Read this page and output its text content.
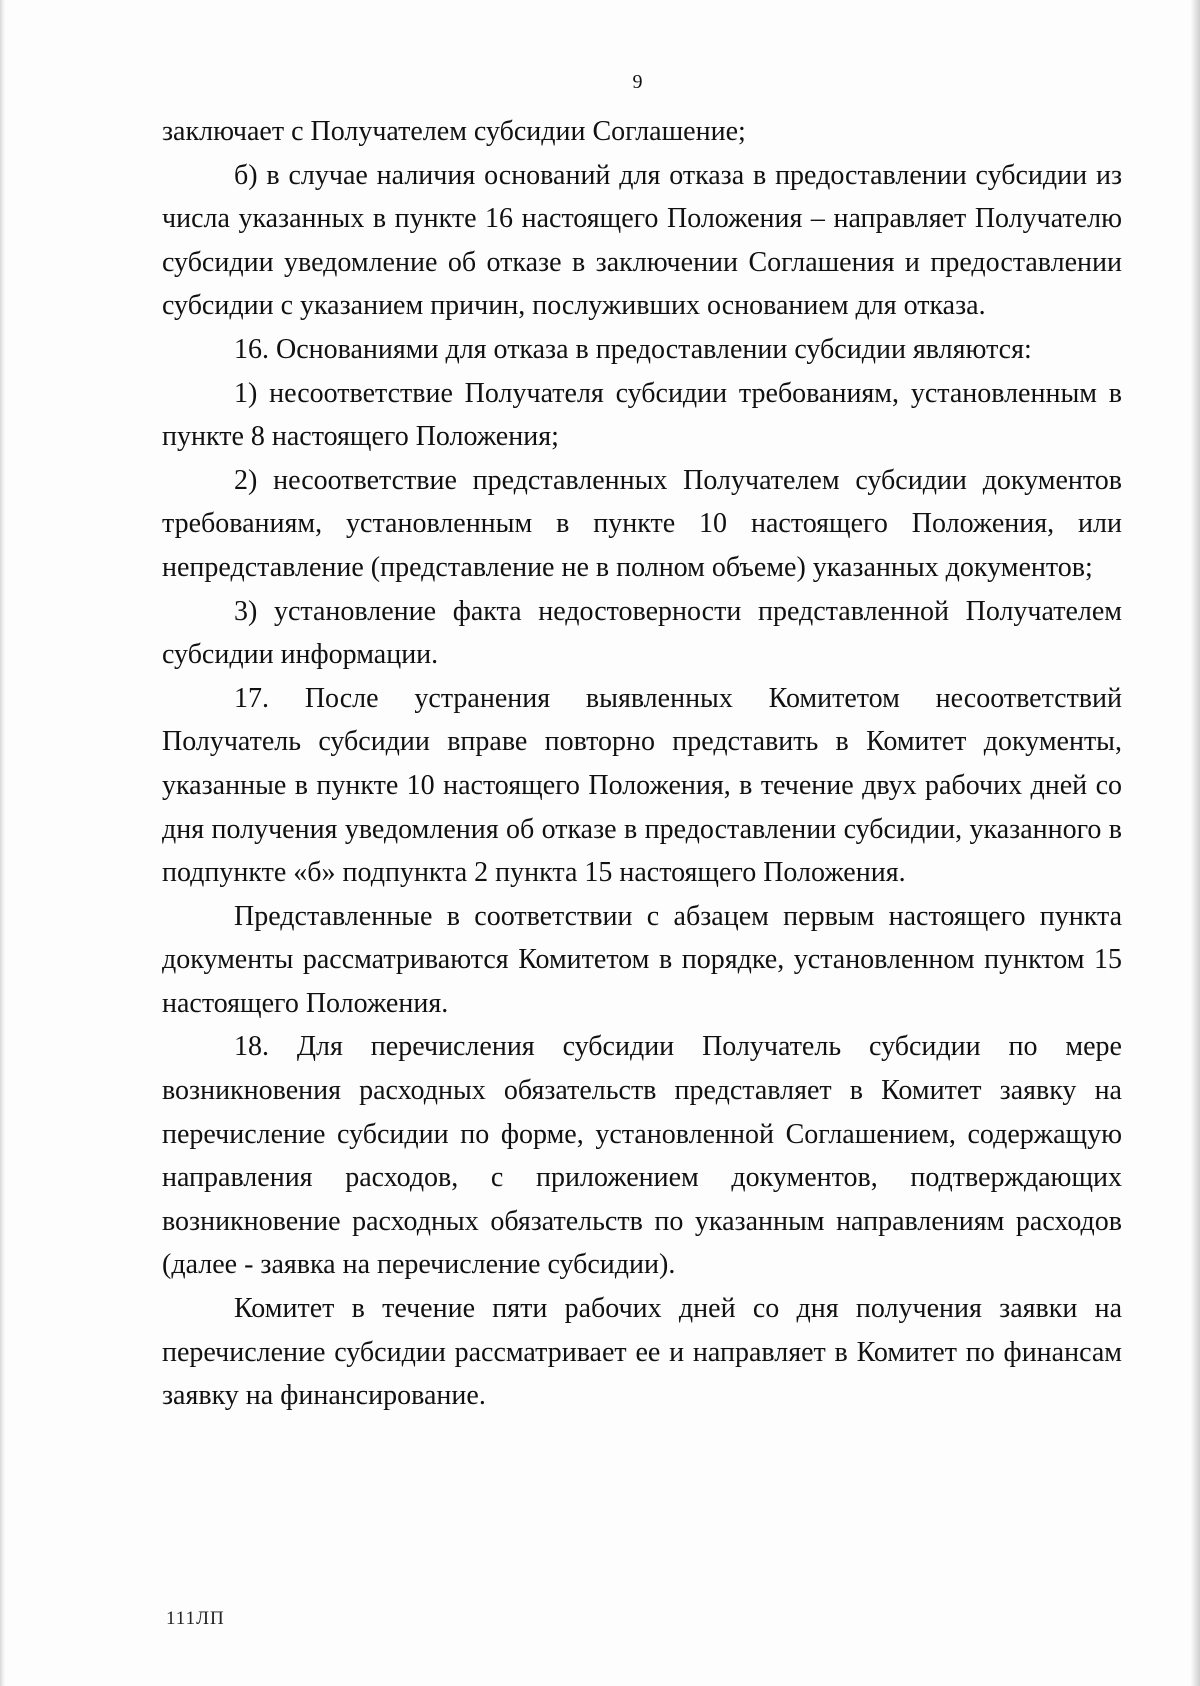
9

заключает с Получателем субсидии Соглашение;

б) в случае наличия оснований для отказа в предоставлении субсидии из числа указанных в пункте 16 настоящего Положения – направляет Получателю субсидии уведомление об отказе в заключении Соглашения и предоставлении субсидии с указанием причин, послуживших основанием для отказа.

16. Основаниями для отказа в предоставлении субсидии являются:

1) несоответствие Получателя субсидии требованиям, установленным в пункте 8 настоящего Положения;

2) несоответствие представленных Получателем субсидии документов требованиям, установленным в пункте 10 настоящего Положения, или непредставление (представление не в полном объеме) указанных документов;

3) установление факта недостоверности представленной Получателем субсидии информации.

17. После устранения выявленных Комитетом несоответствий Получатель субсидии вправе повторно представить в Комитет документы, указанные в пункте 10 настоящего Положения, в течение двух рабочих дней со дня получения уведомления об отказе в предоставлении субсидии, указанного в подпункте «б» подпункта 2 пункта 15 настоящего Положения.

Представленные в соответствии с абзацем первым настоящего пункта документы рассматриваются Комитетом в порядке, установленном пунктом 15 настоящего Положения.

18. Для перечисления субсидии Получатель субсидии по мере возникновения расходных обязательств представляет в Комитет заявку на перечисление субсидии по форме, установленной Соглашением, содержащую направления расходов, с приложением документов, подтверждающих возникновение расходных обязательств по указанным направлениям расходов (далее - заявка на перечисление субсидии).

Комитет в течение пяти рабочих дней со дня получения заявки на перечисление субсидии рассматривает ее и направляет в Комитет по финансам заявку на финансирование.

111ЛП
